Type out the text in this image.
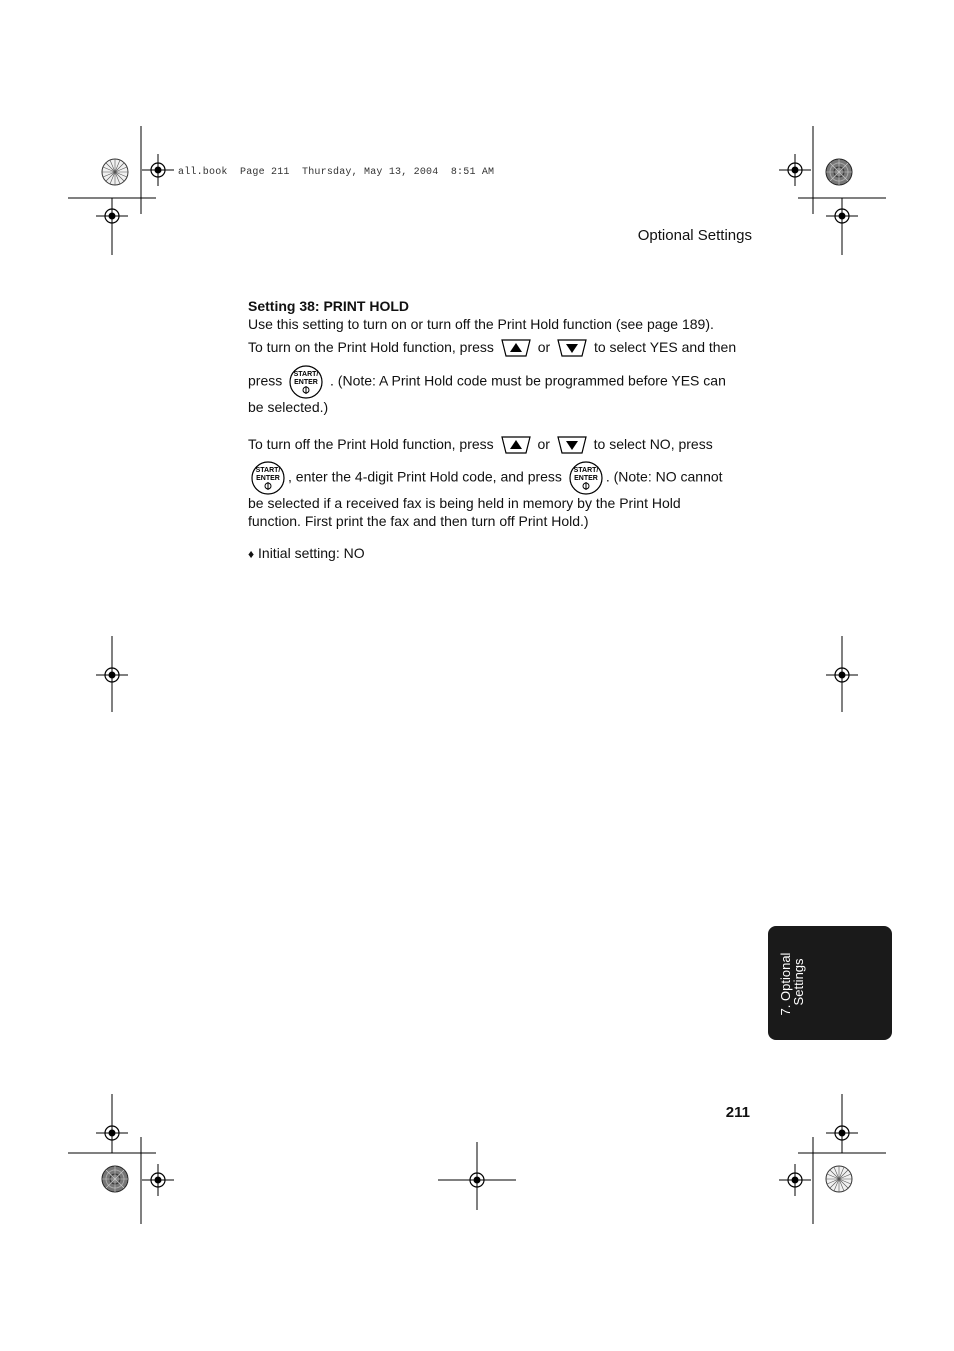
all.book  Page 211  Thursday, May 13, 2004  8:51 AM
Optional Settings
Setting 38: PRINT HOLD
Use this setting to turn on or turn off the Print Hold function (see page 189).
To turn on the Print Hold function, press	or	to select YES and then
press START/
ENTER . (Note: A Print Hold code must be programmed before YES can
be selected.)
To turn off the Print Hold function, press	or	to select NO, press
START/
ENTER , enter the 4-digit Print Hold code, and press START/
ENTER . (Note: NO cannot
be selected if a received fax is being held in memory by the Print Hold
function. First print the fax and then turn off Print Hold.)
♦ Initial setting: NO
7. Optional
Settings
211
